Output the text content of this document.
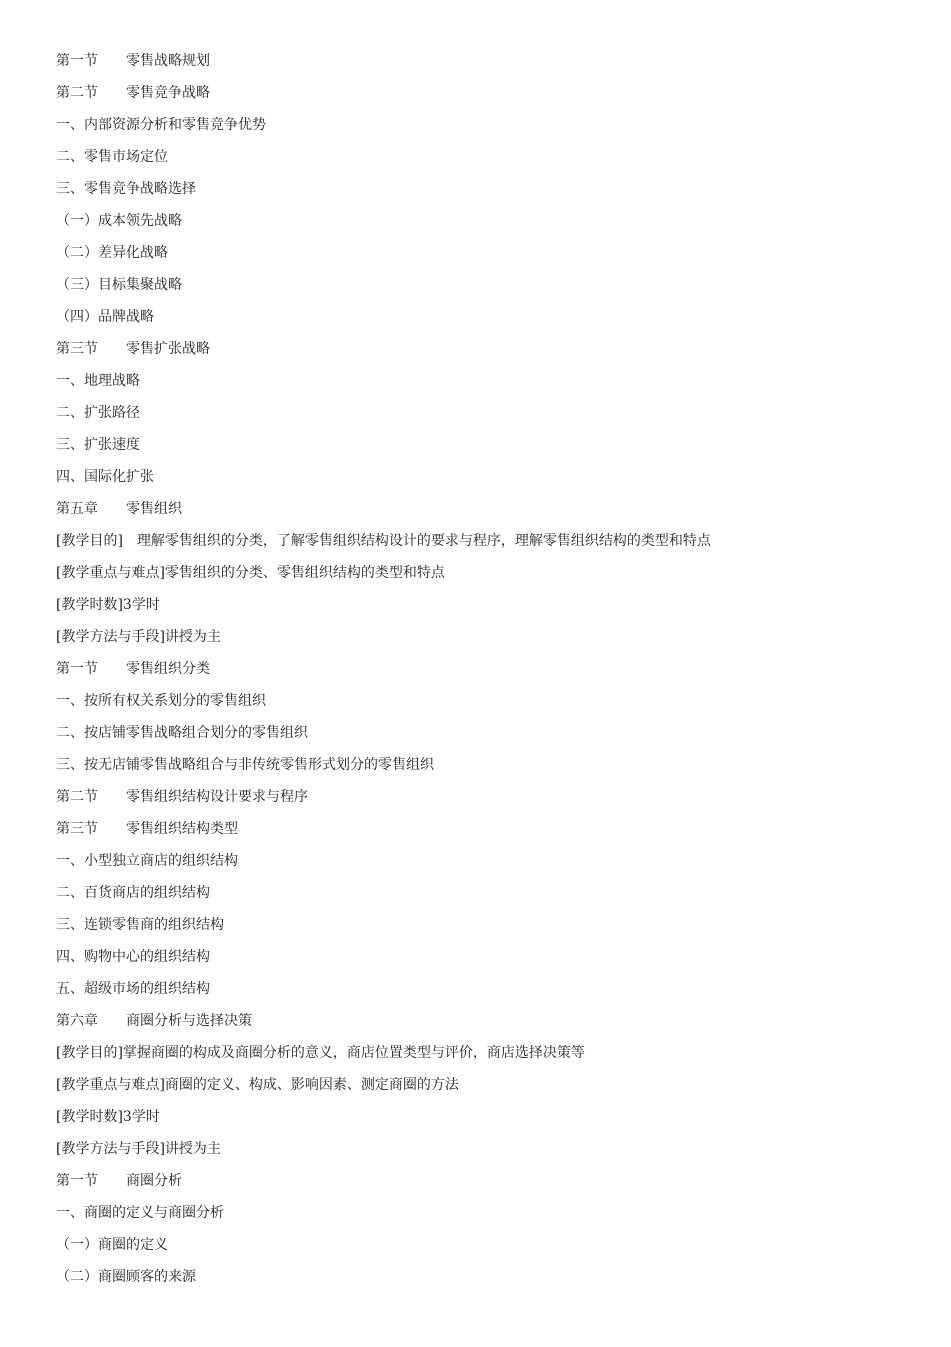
第一节　　零售战略规划
第二节　　零售竞争战略
一、内部资源分析和零售竞争优势
二、零售市场定位
三、零售竞争战略选择
（一）成本领先战略
（二）差异化战略
（三）目标集聚战略
（四）品牌战略
第三节　　零售扩张战略
一、地理战略
二、扩张路径
三、扩张速度
四、国际化扩张
第五章　　零售组织
[教学目的]　理解零售组织的分类，了解零售组织结构设计的要求与程序，理解零售组织结构的类型和特点
[教学重点与难点]零售组织的分类、零售组织结构的类型和特点
[教学时数]3学时
[教学方法与手段]讲授为主
第一节　　零售组织分类
一、按所有权关系划分的零售组织
二、按店铺零售战略组合划分的零售组织
三、按无店铺零售战略组合与非传统零售形式划分的零售组织
第二节　　零售组织结构设计要求与程序
第三节　　零售组织结构类型
一、小型独立商店的组织结构
二、百货商店的组织结构
三、连锁零售商的组织结构
四、购物中心的组织结构
五、超级市场的组织结构
第六章　　商圈分析与选择决策
[教学目的]掌握商圈的构成及商圈分析的意义，商店位置类型与评价，商店选择决策等
[教学重点与难点]商圈的定义、构成、影响因素、测定商圈的方法
[教学时数]3学时
[教学方法与手段]讲授为主
第一节　　商圈分析
一、商圈的定义与商圈分析
（一）商圈的定义
（二）商圈顾客的来源
